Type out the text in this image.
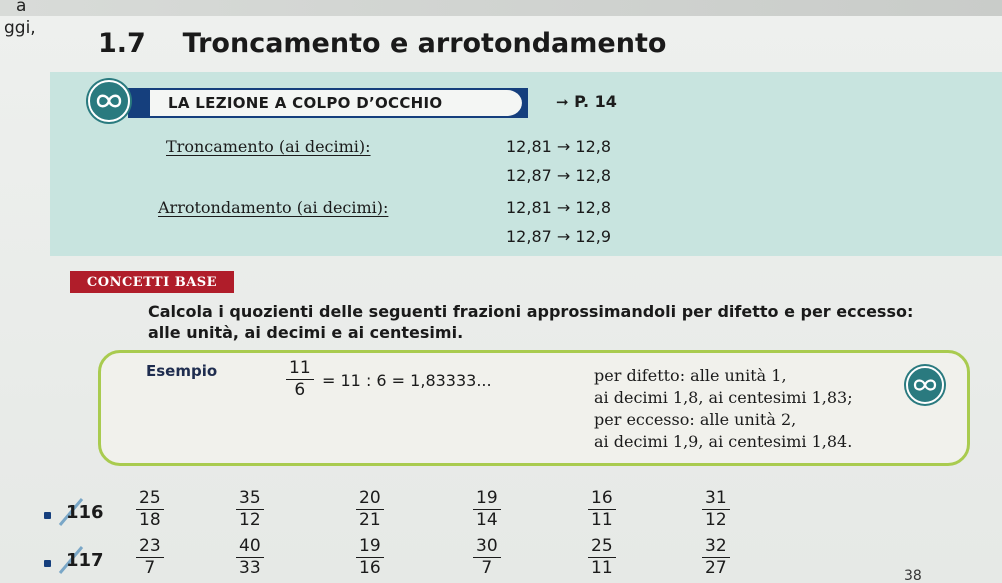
a
ggi, 1.7 Troncamento e arrotondamento
LA LEZIONE A COLPO D’OCCHIO	➞ P. 14
Troncamento (ai decimi):	12,81 → 12,8
12,87 → 12,8
Arrotondamento (ai decimi):	12,81 → 12,8
12,87 → 12,9
CONCETTI BASE
Calcola i quozienti delle seguenti frazioni approssimandoli per difetto e per eccesso:
alle unità, ai decimi e ai centesimi.
Esempio	$\frac{11}{6} = 11$ : 6 = 1,83333...	per difetto: alle unità 1,
ai decimi 1,8, ai centesimi 1,83;
per eccesso: alle unità 2,
ai decimi 1,9, ai centesimi 1,84.
$116 \frac{25}{18}$	$\frac{35}{12}$	$\frac{20}{21}$	$\frac{19}{14}$	$\frac{16}{11}$	$\frac{31}{12}$
$117 \frac{23}{7}$	$\frac{40}{33}$	$\frac{19}{16}$	$\frac{30}{7}$	$\frac{25}{11}$	$\frac{32}{27}$	38
